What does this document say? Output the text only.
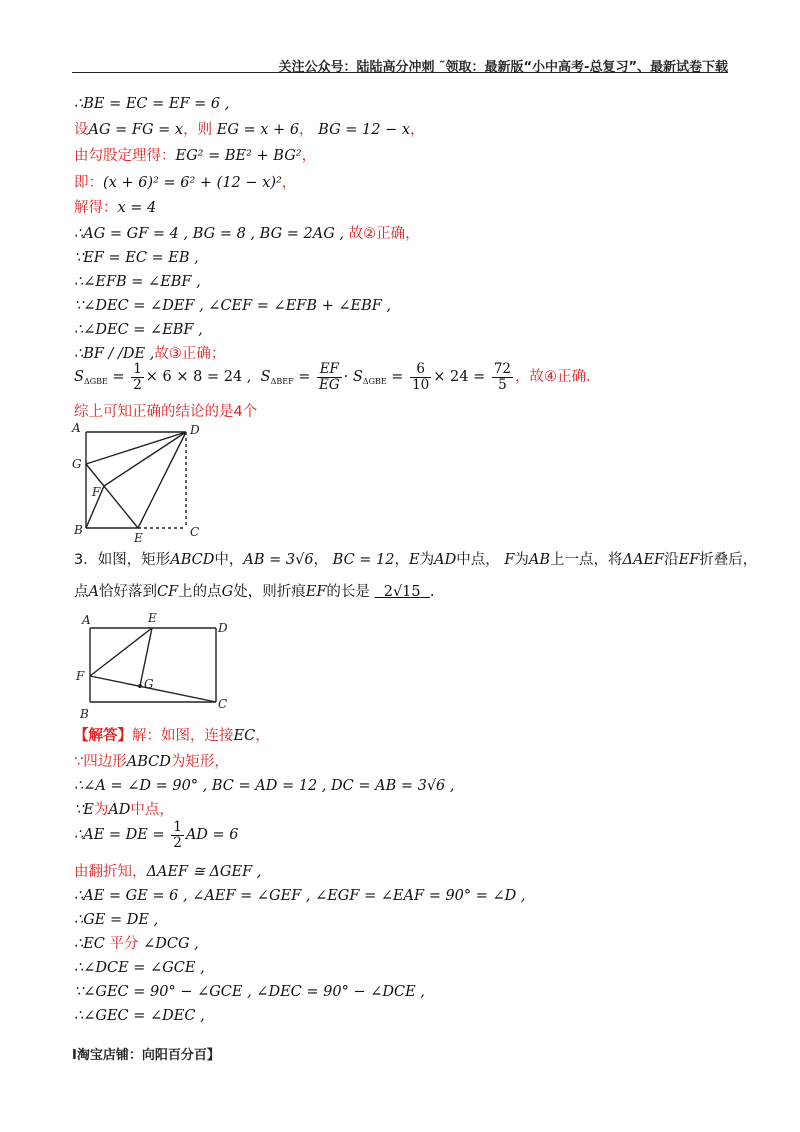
关注公众号：陆陆高分冲刺 ˜领取：最新版“小中高考-总复习”、最新试卷下载
∴BE = EC = EF = 6 ,
设AG = FG = x，则 EG = x + 6， BG = 12 − x，
由勾股定理得：EG² = BE² + BG²，
即：(x + 6)² = 6² + (12 − x)²，
解得：x = 4
∴AG = GF = 4 , BG = 8 , BG = 2AG , 故②正确，
∵EF = EC = EB ,
∴∠EFB = ∠EBF ,
∵∠DEC = ∠DEF , ∠CEF = ∠EFB + ∠EBF ,
∴∠DEC = ∠EBF ,
∴BF / /DE ,故③正确；
$S_{\Delta GBE} = \frac{1}{2} \times 6 \times 8 = 24$ , $S_{\Delta BEF} = \frac{EF}{EG} \cdot S_{\Delta GBE} = \frac{6}{10} \times 24 = \frac{72}{5}$ ，故④正确.
综上可知正确的结论的是4个
A	D
G
F
B
E	C
3．如图，矩形ABCD中，AB = 3√6， BC = 12，E为AD中点， F为AB上一点，将ΔAEF沿EF折叠后，
点A恰好落到CF上的点G处，则折痕EF的长是 2√15 .
A	E
D
F
G
B
C
【解答】解：如图，连接EC，
∵四边形ABCD为矩形，
∴∠A = ∠D = 90° , BC = AD = 12 , DC = AB = 3√6 ,
∵E为AD中点，
∴AE = DE = $\frac{1}{2}$ AD = 6
由翻折知，ΔAEF ≅ ΔGEF ,
∴AE = GE = 6 , ∠AEF = ∠GEF , ∠EGF = ∠EAF = 90° = ∠D ,
∴GE = DE ,
∴EC 平分 ∠DCG ,
∴∠DCE = ∠GCE ,
∵∠GEC = 90° − ∠GCE , ∠DEC = 90° − ∠DCE ,
∴∠GEC = ∠DEC ,
I淘宝店铺：向阳百分百】
